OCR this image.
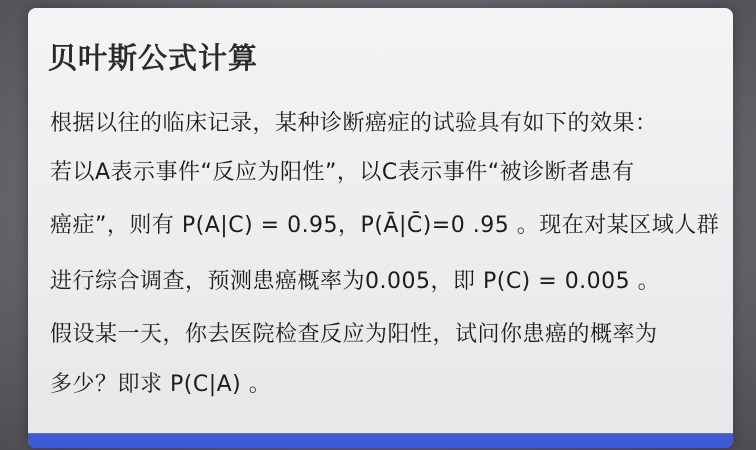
贝叶斯公式计算
根据以往的临床记录，某种诊断癌症的试验具有如下的效果：
若以A表示事件“反应为阳性”，以C表示事件“被诊断者患有
癌症”，则有 P(A|C) = 0.95，P(Ā|C̄)=0 .95 。现在对某区域人群
进行综合调查，预测患癌概率为0.005，即 P(C) = 0.005 。
假设某一天，你去医院检查反应为阳性，试问你患癌的概率为
多少？即求 P(C|A) 。
